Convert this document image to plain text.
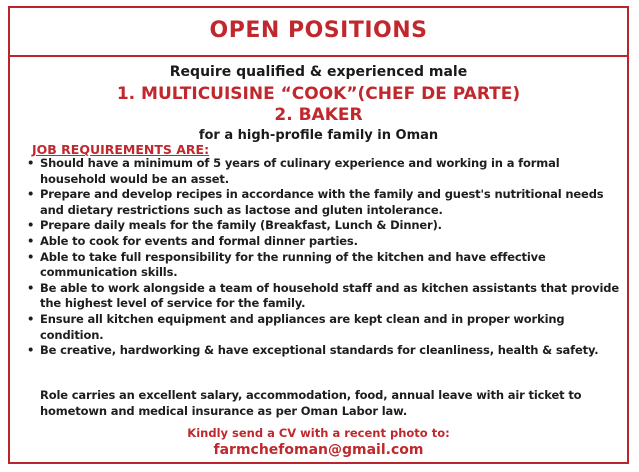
OPEN POSITIONS
Require qualified & experienced male
1. MULTICUISINE “COOK”(CHEF DE PARTE)
2. BAKER
for a high-profile family in Oman
JOB REQUIREMENTS ARE:
• Should have a minimum of 5 years of culinary experience and working in a formal household would be an asset.
• Prepare and develop recipes in accordance with the family and guest's nutritional needs and dietary restrictions such as lactose and gluten intolerance.
• Prepare daily meals for the family (Breakfast, Lunch & Dinner).
• Able to cook for events and formal dinner parties.
• Able to take full responsibility for the running of the kitchen and have effective communication skills.
• Be able to work alongside a team of household staff and as kitchen assistants that provide the highest level of service for the family.
• Ensure all kitchen equipment and appliances are kept clean and in proper working condition.
• Be creative, hardworking & have exceptional standards for cleanliness, health & safety.
Role carries an excellent salary, accommodation, food, annual leave with air ticket to hometown and medical insurance as per Oman Labor law.
Kindly send a CV with a recent photo to:
farmchefoman@gmail.com
